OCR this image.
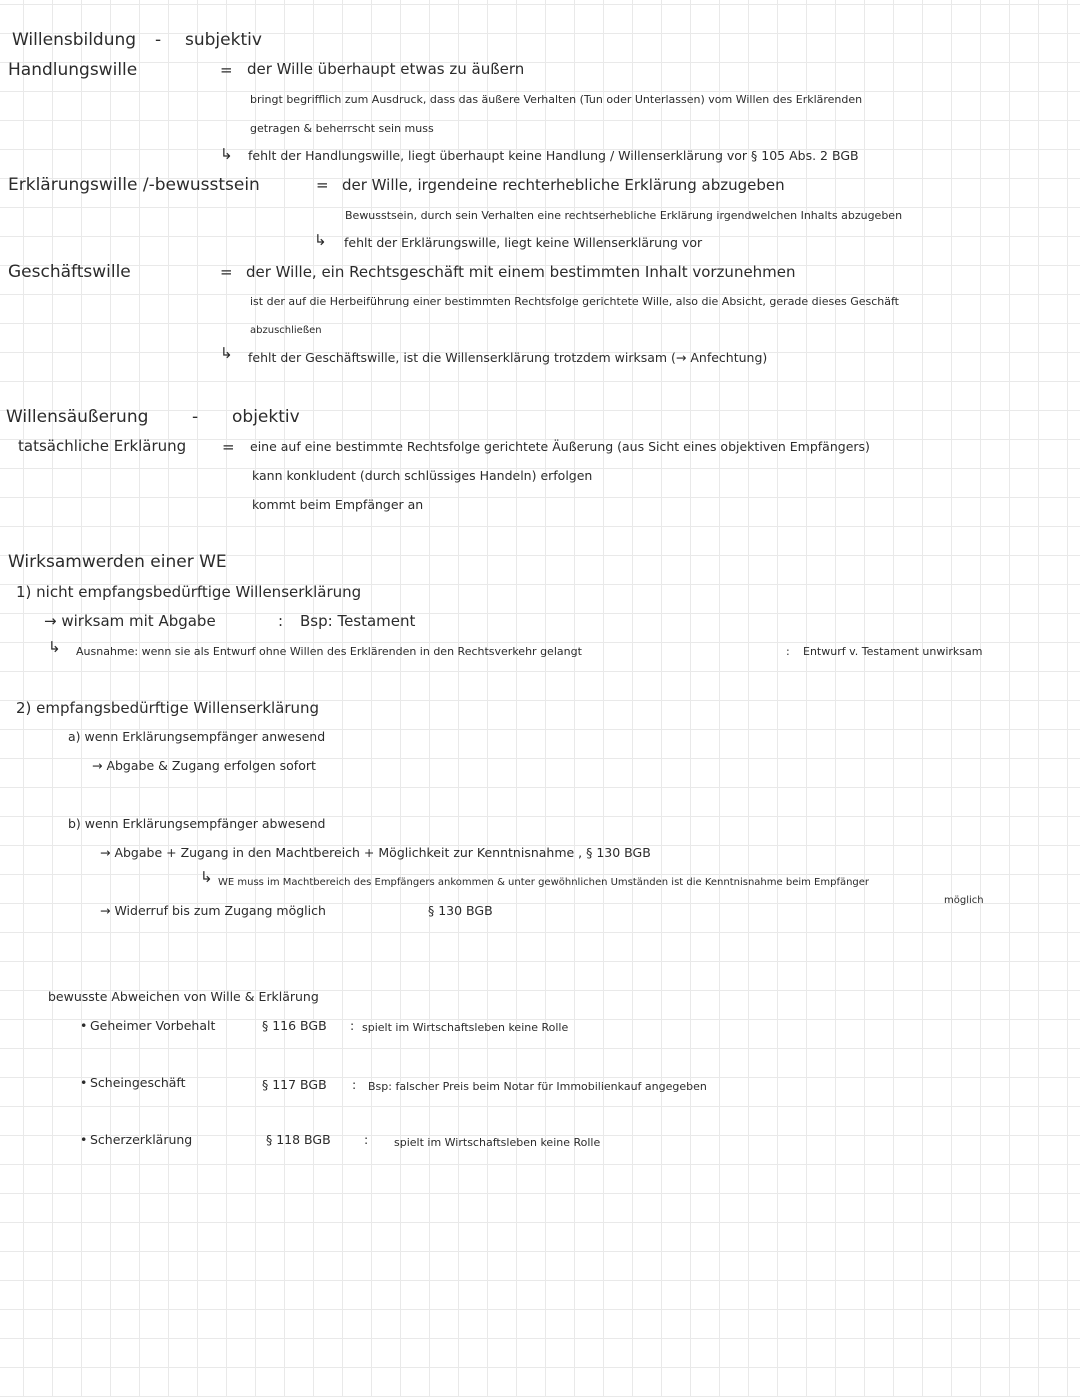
Willensbildung - subjektiv
Handlungswille	= der Wille überhaupt etwas zu äußern
bringt begrifflich zum Ausdruck, dass das äußere Verhalten (Tun oder Unterlassen) vom Willen des Erklärenden
getragen & beherrscht sein muss
↳ fehlt der Handlungswille, liegt überhaupt keine Handlung / Willenserklärung vor § 105 Abs. 2 BGB
Erklärungswille /-bewusstsein	= der Wille, irgendeine rechterhebliche Erklärung abzugeben
Bewusstsein, durch sein Verhalten eine rechtserhebliche Erklärung irgendwelchen Inhalts abzugeben
↳ fehlt der Erklärungswille, liegt keine Willenserklärung vor
Geschäftswille	= der Wille, ein Rechtsgeschäft mit einem bestimmten Inhalt vorzunehmen
ist der auf die Herbeiführung einer bestimmten Rechtsfolge gerichtete Wille, also die Absicht, gerade dieses Geschäft
abzuschließen
↳ fehlt der Geschäftswille, ist die Willenserklärung trotzdem wirksam (→ Anfechtung)
Willensäußerung	- objektiv
tatsächliche Erklärung = eine auf eine bestimmte Rechtsfolge gerichtete Äußerung (aus Sicht eines objektiven Empfängers)
kann konkludent (durch schlüssiges Handeln) erfolgen
kommt beim Empfänger an
Wirksamwerden einer WE
1) nicht empfangsbedürftige Willenserklärung
→ wirksam mit Abgabe	: Bsp: Testament
↳ Ausnahme: wenn sie als Entwurf ohne Willen des Erklärenden in den Rechtsverkehr gelangt	: Entwurf v. Testament unwirksam
2) empfangsbedürftige Willenserklärung
a) wenn Erklärungsempfänger anwesend
→ Abgabe & Zugang erfolgen sofort
b) wenn Erklärungsempfänger abwesend
→ Abgabe + Zugang in den Machtbereich + Möglichkeit zur Kenntnisnahme , § 130 BGB
↳ WE muss im Machtbereich des Empfängers ankommen & unter gewöhnlichen Umständen ist die Kenntnisnahme beim Empfänger
möglich
→ Widerruf bis zum Zugang möglich	§ 130 BGB
bewusste Abweichen von Wille & Erklärung
• Geheimer Vorbehalt	§ 116 BGB : spielt im Wirtschaftsleben keine Rolle
• Scheingeschäft	§ 117 BGB : Bsp: falscher Preis beim Notar für Immobilienkauf angegeben
• Scherzerklärung	§ 118 BGB	: spielt im Wirtschaftsleben keine Rolle
